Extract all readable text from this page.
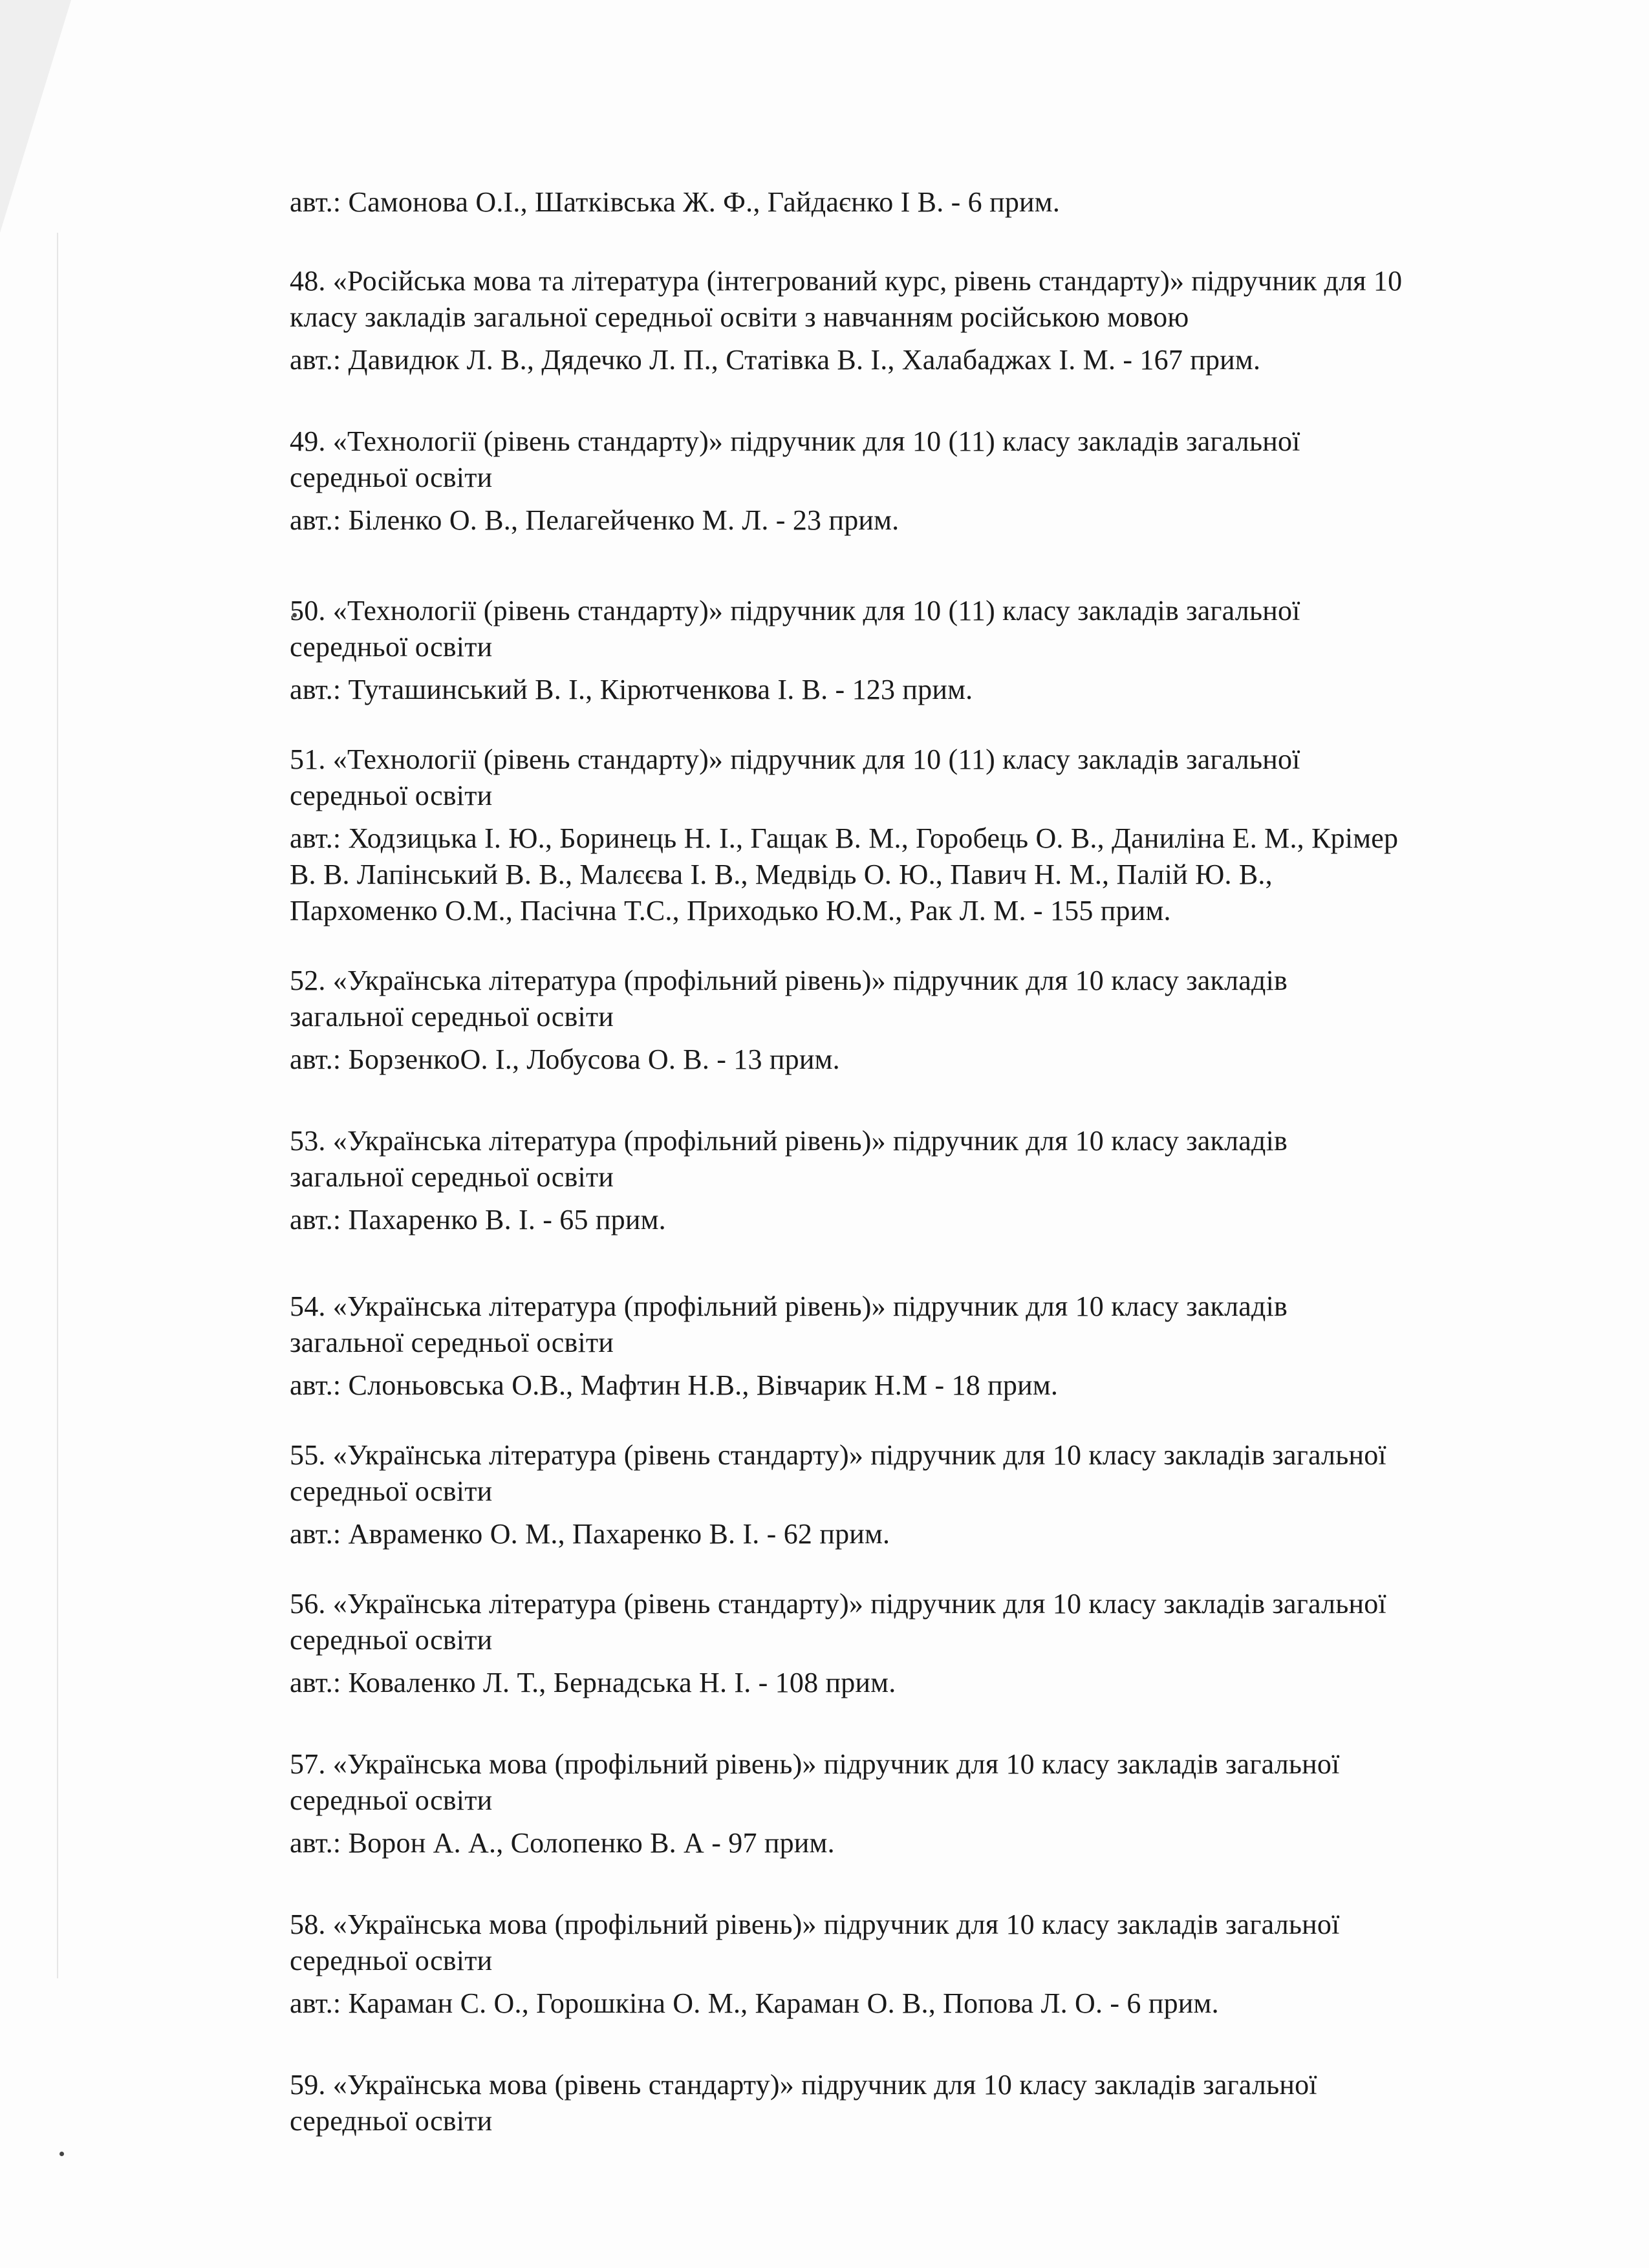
авт.: Самонова О.І., Шатківська Ж. Ф., Гайдаєнко І В. - 6 прим.
48. «Російська мова та література (інтегрований курс, рівень стандарту)» підручник для 10
класу закладів загальної середньої освіти з навчанням російською мовою
авт.: Давидюк Л. В., Дядечко Л. П., Статівка В. І., Халабаджах І. М. - 167 прим.
49. «Технології (рівень стандарту)» підручник для 10 (11) класу закладів загальної
середньої освіти
авт.: Біленко О. В., Пелагейченко М. Л. - 23 прим.
50. «Технології (рівень стандарту)» підручник для 10 (11) класу закладів загальної
середньої освіти
авт.: Туташинський В. І., Кірютченкова І. В. - 123 прим.
51. «Технології (рівень стандарту)» підручник для 10 (11) класу закладів загальної
середньої освіти
авт.: Ходзицька І. Ю., Боринець Н. І., Гащак В. М., Горобець О. В., Даниліна Е. М., Крімер
В. В. Лапінський В. В., Малєєва І. В., Медвідь О. Ю., Павич Н. М., Палій Ю. В.,
Пархоменко О.М., Пасічна Т.С., Приходько Ю.М., Рак Л. М. - 155 прим.
52. «Українська література (профільний рівень)» підручник для 10 класу закладів
загальної середньої освіти
авт.: БорзенкоО. І., Лобусова О. В. - 13 прим.
53. «Українська література (профільний рівень)» підручник для 10 класу закладів
загальної середньої освіти
авт.: Пахаренко В. І. - 65 прим.
54. «Українська література (профільний рівень)» підручник для 10 класу закладів
загальної середньої освіти
авт.: Слоньовська О.В., Мафтин Н.В., Вівчарик Н.М - 18 прим.
55. «Українська література (рівень стандарту)» підручник для 10 класу закладів загальної
середньої освіти
авт.: Авраменко О. М., Пахаренко В. І. - 62 прим.
56. «Українська література (рівень стандарту)» підручник для 10 класу закладів загальної
середньої освіти
авт.: Коваленко Л. Т., Бернадська Н. І. - 108 прим.
57. «Українська мова (профільний рівень)» підручник для 10 класу закладів загальної
середньої освіти
авт.: Ворон А. А., Солопенко В. А - 97 прим.
58. «Українська мова (профільний рівень)» підручник для 10 класу закладів загальної
середньої освіти
авт.: Караман С. О., Горошкіна О. М., Караман О. В., Попова Л. О. - 6 прим.
59. «Українська мова (рівень стандарту)» підручник для 10 класу закладів загальної
середньої освіти
